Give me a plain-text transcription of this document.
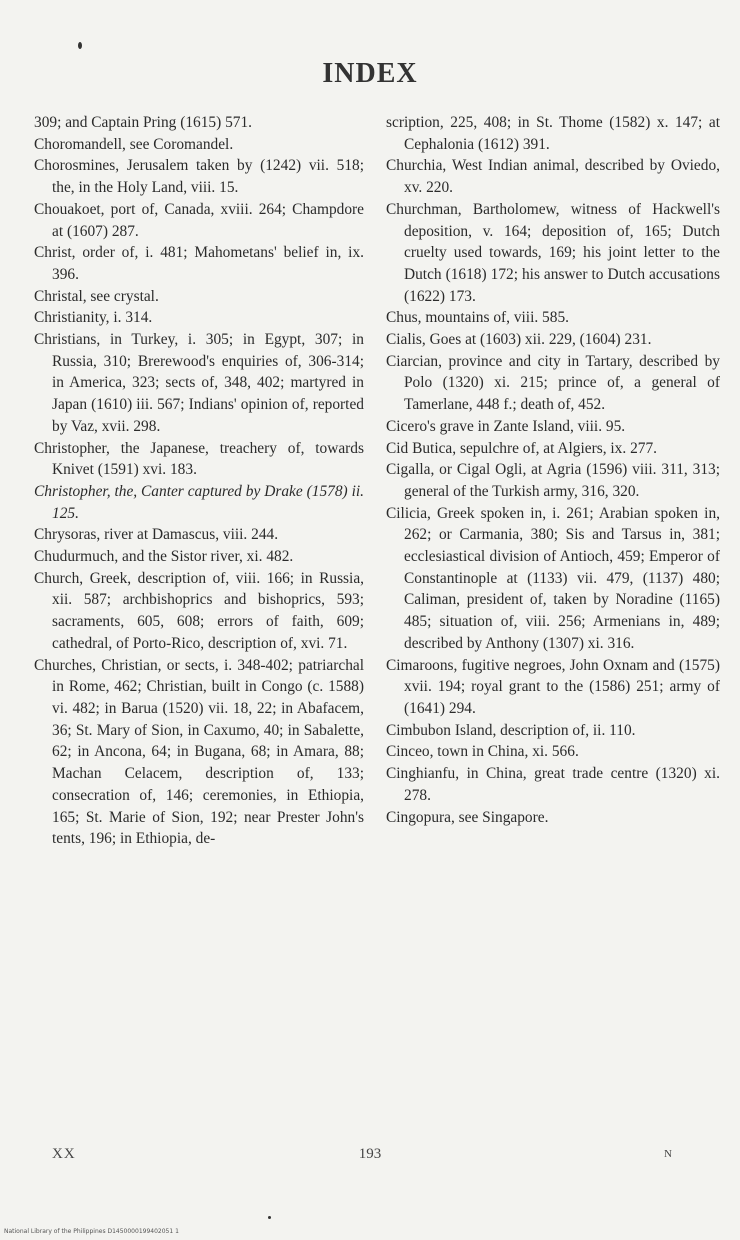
INDEX

309; and Captain Pring (1615) 571.

Choromandell, see Coromandel.

Chorosmines, Jerusalem taken by (1242) vii. 518; the, in the Holy Land, viii. 15.

Chouakoet, port of, Canada, xviii. 264; Champdore at (1607) 287.

Christ, order of, i. 481; Mahometans' belief in, ix. 396.

Christal, see crystal.

Christianity, i. 314.

Christians, in Turkey, i. 305; in Egypt, 307; in Russia, 310; Brerewood's enquiries of, 306-314; in America, 323; sects of, 348, 402; martyred in Japan (1610) iii. 567; Indians' opinion of, reported by Vaz, xvii. 298.

Christopher, the Japanese, treachery of, towards Knivet (1591) xvi. 183.

Christopher, the, Canter captured by Drake (1578) ii. 125.

Chrysoras, river at Damascus, viii. 244.

Chudurmuch, and the Sistor river, xi. 482.

Church, Greek, description of, viii. 166; in Russia, xii. 587; archbishoprics and bishoprics, 593; sacraments, 605, 608; errors of faith, 609; cathedral, of Porto-Rico, description of, xvi. 71.

Churches, Christian, or sects, i. 348-402; patriarchal in Rome, 462; Christian, built in Congo (c. 1588) vi. 482; in Barua (1520) vii. 18, 22; in Abafacem, 36; St. Mary of Sion, in Caxumo, 40; in Sabalette, 62; in Ancona, 64; in Bugana, 68; in Amara, 88; Machan Celacem, description of, 133; consecration of, 146; ceremonies, in Ethiopia, 165; St. Marie of Sion, 192; near Prester John's tents, 196; in Ethiopia, de-

scription, 225, 408; in St. Thome (1582) x. 147; at Cephalonia (1612) 391.

Churchia, West Indian animal, described by Oviedo, xv. 220.

Churchman, Bartholomew, witness of Hackwell's deposition, v. 164; deposition of, 165; Dutch cruelty used towards, 169; his joint letter to the Dutch (1618) 172; his answer to Dutch accusations (1622) 173.

Chus, mountains of, viii. 585.

Cialis, Goes at (1603) xii. 229, (1604) 231.

Ciarcian, province and city in Tartary, described by Polo (1320) xi. 215; prince of, a general of Tamerlane, 448 f.; death of, 452.

Cicero's grave in Zante Island, viii. 95.

Cid Butica, sepulchre of, at Algiers, ix. 277.

Cigalla, or Cigal Ogli, at Agria (1596) viii. 311, 313; general of the Turkish army, 316, 320.

Cilicia, Greek spoken in, i. 261; Arabian spoken in, 262; or Carmania, 380; Sis and Tarsus in, 381; ecclesiastical division of Antioch, 459; Emperor of Constantinople at (1133) vii. 479, (1137) 480; Caliman, president of, taken by Noradine (1165) 485; situation of, viii. 256; Armenians in, 489; described by Anthony (1307) xi. 316.

Cimaroons, fugitive negroes, John Oxnam and (1575) xvii. 194; royal grant to the (1586) 251; army of (1641) 294.

Cimbubon Island, description of, ii. 110.

Cinceo, town in China, xi. 566.

Cinghianfu, in China, great trade centre (1320) xi. 278.

Cingopura, see Singapore.

XX	193	N
National Library of the Philippines D1450000199402051 1
